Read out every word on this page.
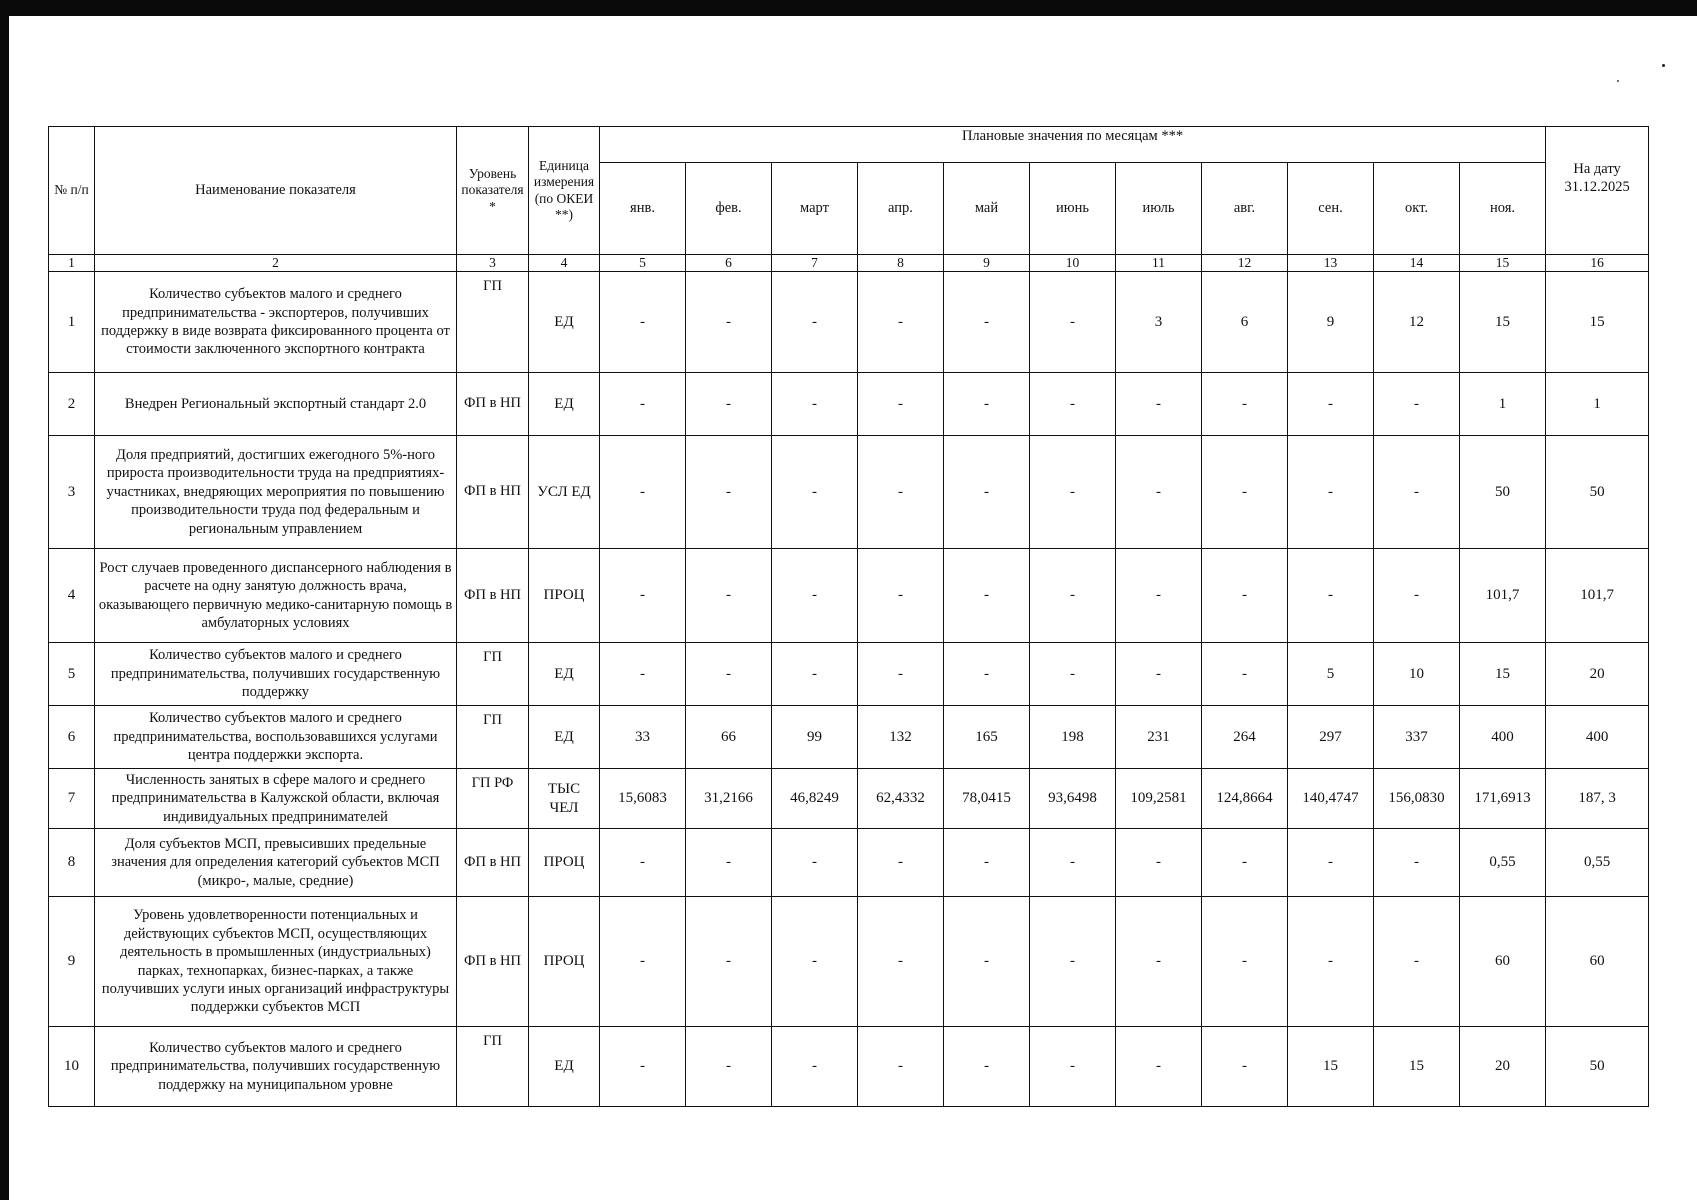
№ п/п	Наименование показателя	Уровень показателя *	Единица измерения (по ОКЕИ **)	Плановые значения по месяцам ***											На дату 31.12.2025
				янв.	фев.	март	апр.	май	июнь	июль	авг.	сен.	окт.	ноя.	
1	2	3	4	5	6	7	8	9	10	11	12	13	14	15	16
1	Количество субъектов малого и среднего предпринимательства - экспортеров, получивших поддержку в виде возврата фиксированного процента от стоимости заключенного экспортного контракта	ГП	ЕД	-	-	-	-	-	-	3	6	9	12	15	15
2	Внедрен Региональный экспортный стандарт 2.0	ФП в НП	ЕД	-	-	-	-	-	-	-	-	-	-	1	1
3	Доля предприятий, достигших ежегодного 5%-ного прироста производительности труда на предприятиях-участниках, внедряющих мероприятия по повышению производительности труда под федеральным и региональным управлением	ФП в НП	УСЛ ЕД	-	-	-	-	-	-	-	-	-	-	50	50
4	Рост случаев проведенного диспансерного наблюдения в расчете на одну занятую должность врача, оказывающего первичную медико-санитарную помощь в амбулаторных условиях	ФП в НП	ПРОЦ	-	-	-	-	-	-	-	-	-	-	101,7	101,7
5	Количество субъектов малого и среднего предпринимательства, получивших государственную поддержку	ГП	ЕД	-	-	-	-	-	-	-	-	5	10	15	20
6	Количество субъектов малого и среднего предпринимательства, воспользовавшихся услугами центра поддержки экспорта.	ГП	ЕД	33	66	99	132	165	198	231	264	297	337	400	400
7	Численность занятых в сфере малого и среднего предпринимательства в Калужской области, включая индивидуальных предпринимателей	ГП РФ	ТЫС ЧЕЛ	15,6083	31,2166	46,8249	62,4332	78,0415	93,6498	109,2581	124,8664	140,4747	156,0830	171,6913	187, 3
8	Доля субъектов МСП, превысивших предельные значения для определения категорий субъектов МСП (микро-, малые, средние)	ФП в НП	ПРОЦ	-	-	-	-	-	-	-	-	-	-	0,55	0,55
9	Уровень удовлетворенности потенциальных и действующих субъектов МСП, осуществляющих деятельность в промышленных (индустриальных) парках, технопарках, бизнес-парках, а также получивших услуги иных организаций инфраструктуры поддержки субъектов МСП	ФП в НП	ПРОЦ	-	-	-	-	-	-	-	-	-	-	60	60
10	Количество субъектов малого и среднего предпринимательства, получивших государственную поддержку на муниципальном уровне	ГП	ЕД	-	-	-	-	-	-	-	-	15	15	20	50
